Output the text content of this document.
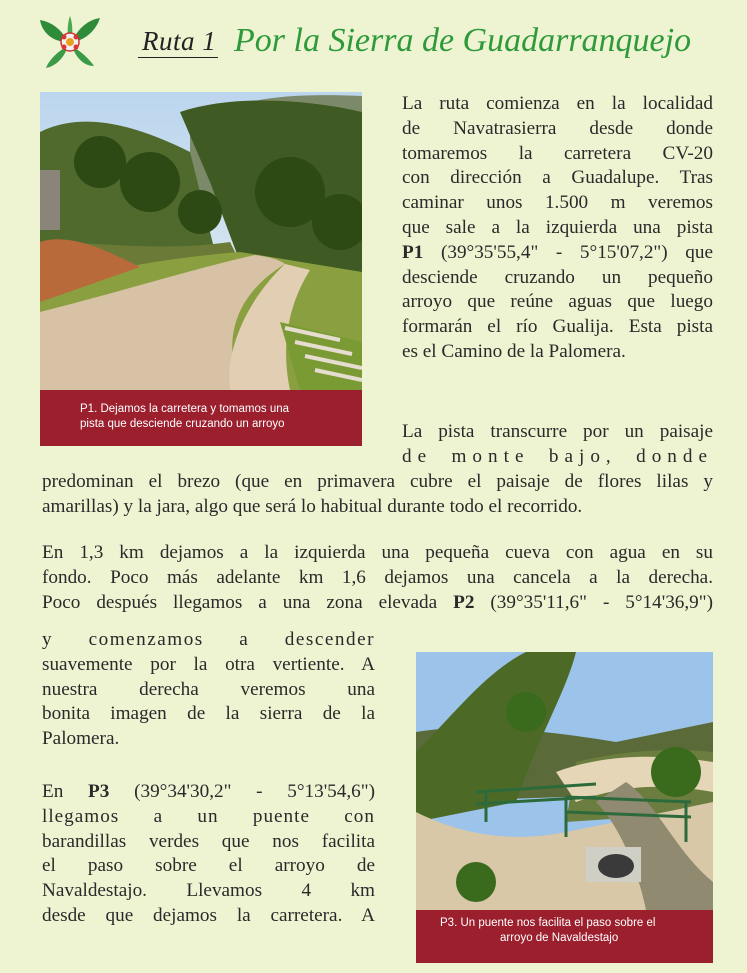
Ruta 1 Por la Sierra de Guadarranquejo
P1. Dejamos la carretera y tomamos una
pista que desciende cruzando un arroyo
La ruta comienza en la localidad
de Navatrasierra desde donde
tomaremos la carretera CV-20
con dirección a Guadalupe. Tras
caminar unos 1.500 m veremos
que sale a la izquierda una pista
P1 (39°35'55,4" - 5°15'07,2") que
desciende cruzando un pequeño
arroyo que reúne aguas que luego
formarán el río Gualija. Esta pista
es el Camino de la Palomera.
La pista transcurre por un paisaje
de monte bajo, donde
predominan el brezo (que en primavera cubre el paisaje de flores lilas y
amarillas) y la jara, algo que será lo habitual durante todo el recorrido.
En 1,3 km dejamos a la izquierda una pequeña cueva con agua en su
fondo. Poco más adelante km 1,6 dejamos una cancela a la derecha.
Poco después llegamos a una zona elevada P2 (39°35'11,6" - 5°14'36,9")
y comenzamos a descender
suavemente por la otra vertiente. A
nuestra derecha veremos una
bonita imagen de la sierra de la
Palomera.
En P3 (39°34'30,2" - 5°13'54,6")
llegamos a un puente con
barandillas verdes que nos facilita
el paso sobre el arroyo de
Navaldestajo. Llevamos 4 km
desde que dejamos la carretera. A	P3. Un puente nos facilita el paso sobre el
arroyo de Navaldestajo
